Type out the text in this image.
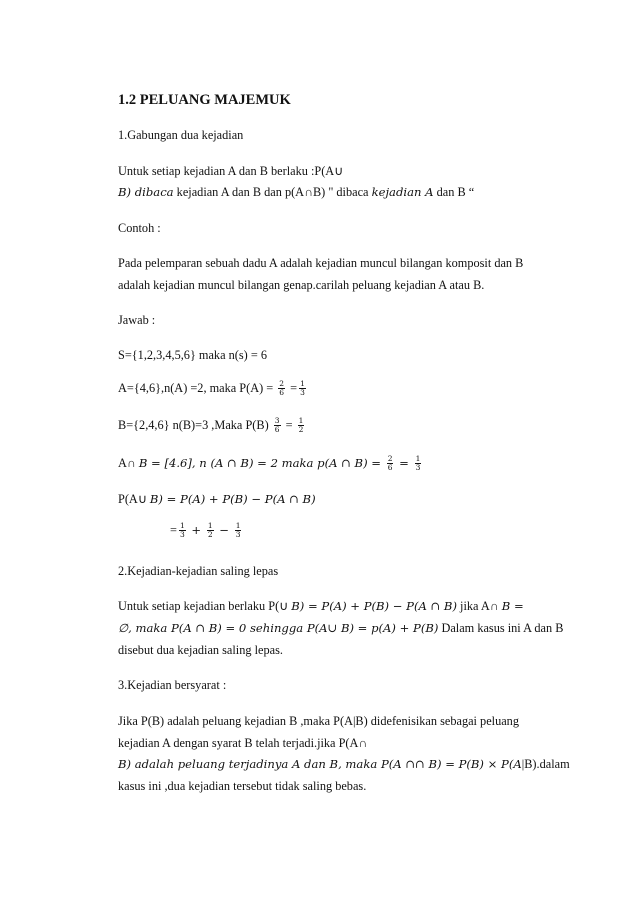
1.2 PELUANG MAJEMUK
1.Gabungan dua kejadian
Untuk setiap kejadian A dan B berlaku :P(A∪
B) dibaca kejadian A dan B dan p(A∩B) " dibaca kejadian A dan B “
Contoh :
Pada pelemparan sebuah dadu A adalah kejadian muncul bilangan komposit dan B
adalah kejadian muncul bilangan genap.carilah peluang kejadian A atau B.
Jawab :
S={1,2,3,4,5,6} maka n(s) = 6
A={4,6},n(A) =2, maka $P(A) = \frac{2}{6} = \frac{1}{3}$
B={2,4,6} n(B)=3 ,Maka $P(B) \frac{3}{6} = \frac{1}{2}$
A∩ B = [4.6], n (A ∩ B) = 2 maka p(A ∩ $B) = \frac{2}{6} = \frac{1}{3}$
P(A∪ B) = P(A) + P(B) − P(A ∩ B)
= $\frac{1}{3} + \frac{1}{2} - \frac{1}{3}$
2.Kejadian-kejadian saling lepas
Untuk setiap kejadian berlaku P(∪ B) = P(A) + P(B) − P(A ∩ B) jika A∩ B =
∅, maka P(A ∩ B) = 0 sehingga P(A∪ B) = p(A) + P(B) Dalam kasus ini A dan B
disebut dua kejadian saling lepas.
3.Kejadian bersyarat :
Jika P(B) adalah peluang kejadian B ,maka P(A|B) didefenisikan sebagai peluang
kejadian A dengan syarat B telah terjadi.jika P(A∩
B) adalah peluang terjadinya A dan B, maka P(A ∩∩ B) = P(B) × P(A|B).dalam
kasus ini ,dua kejadian tersebut tidak saling bebas.
